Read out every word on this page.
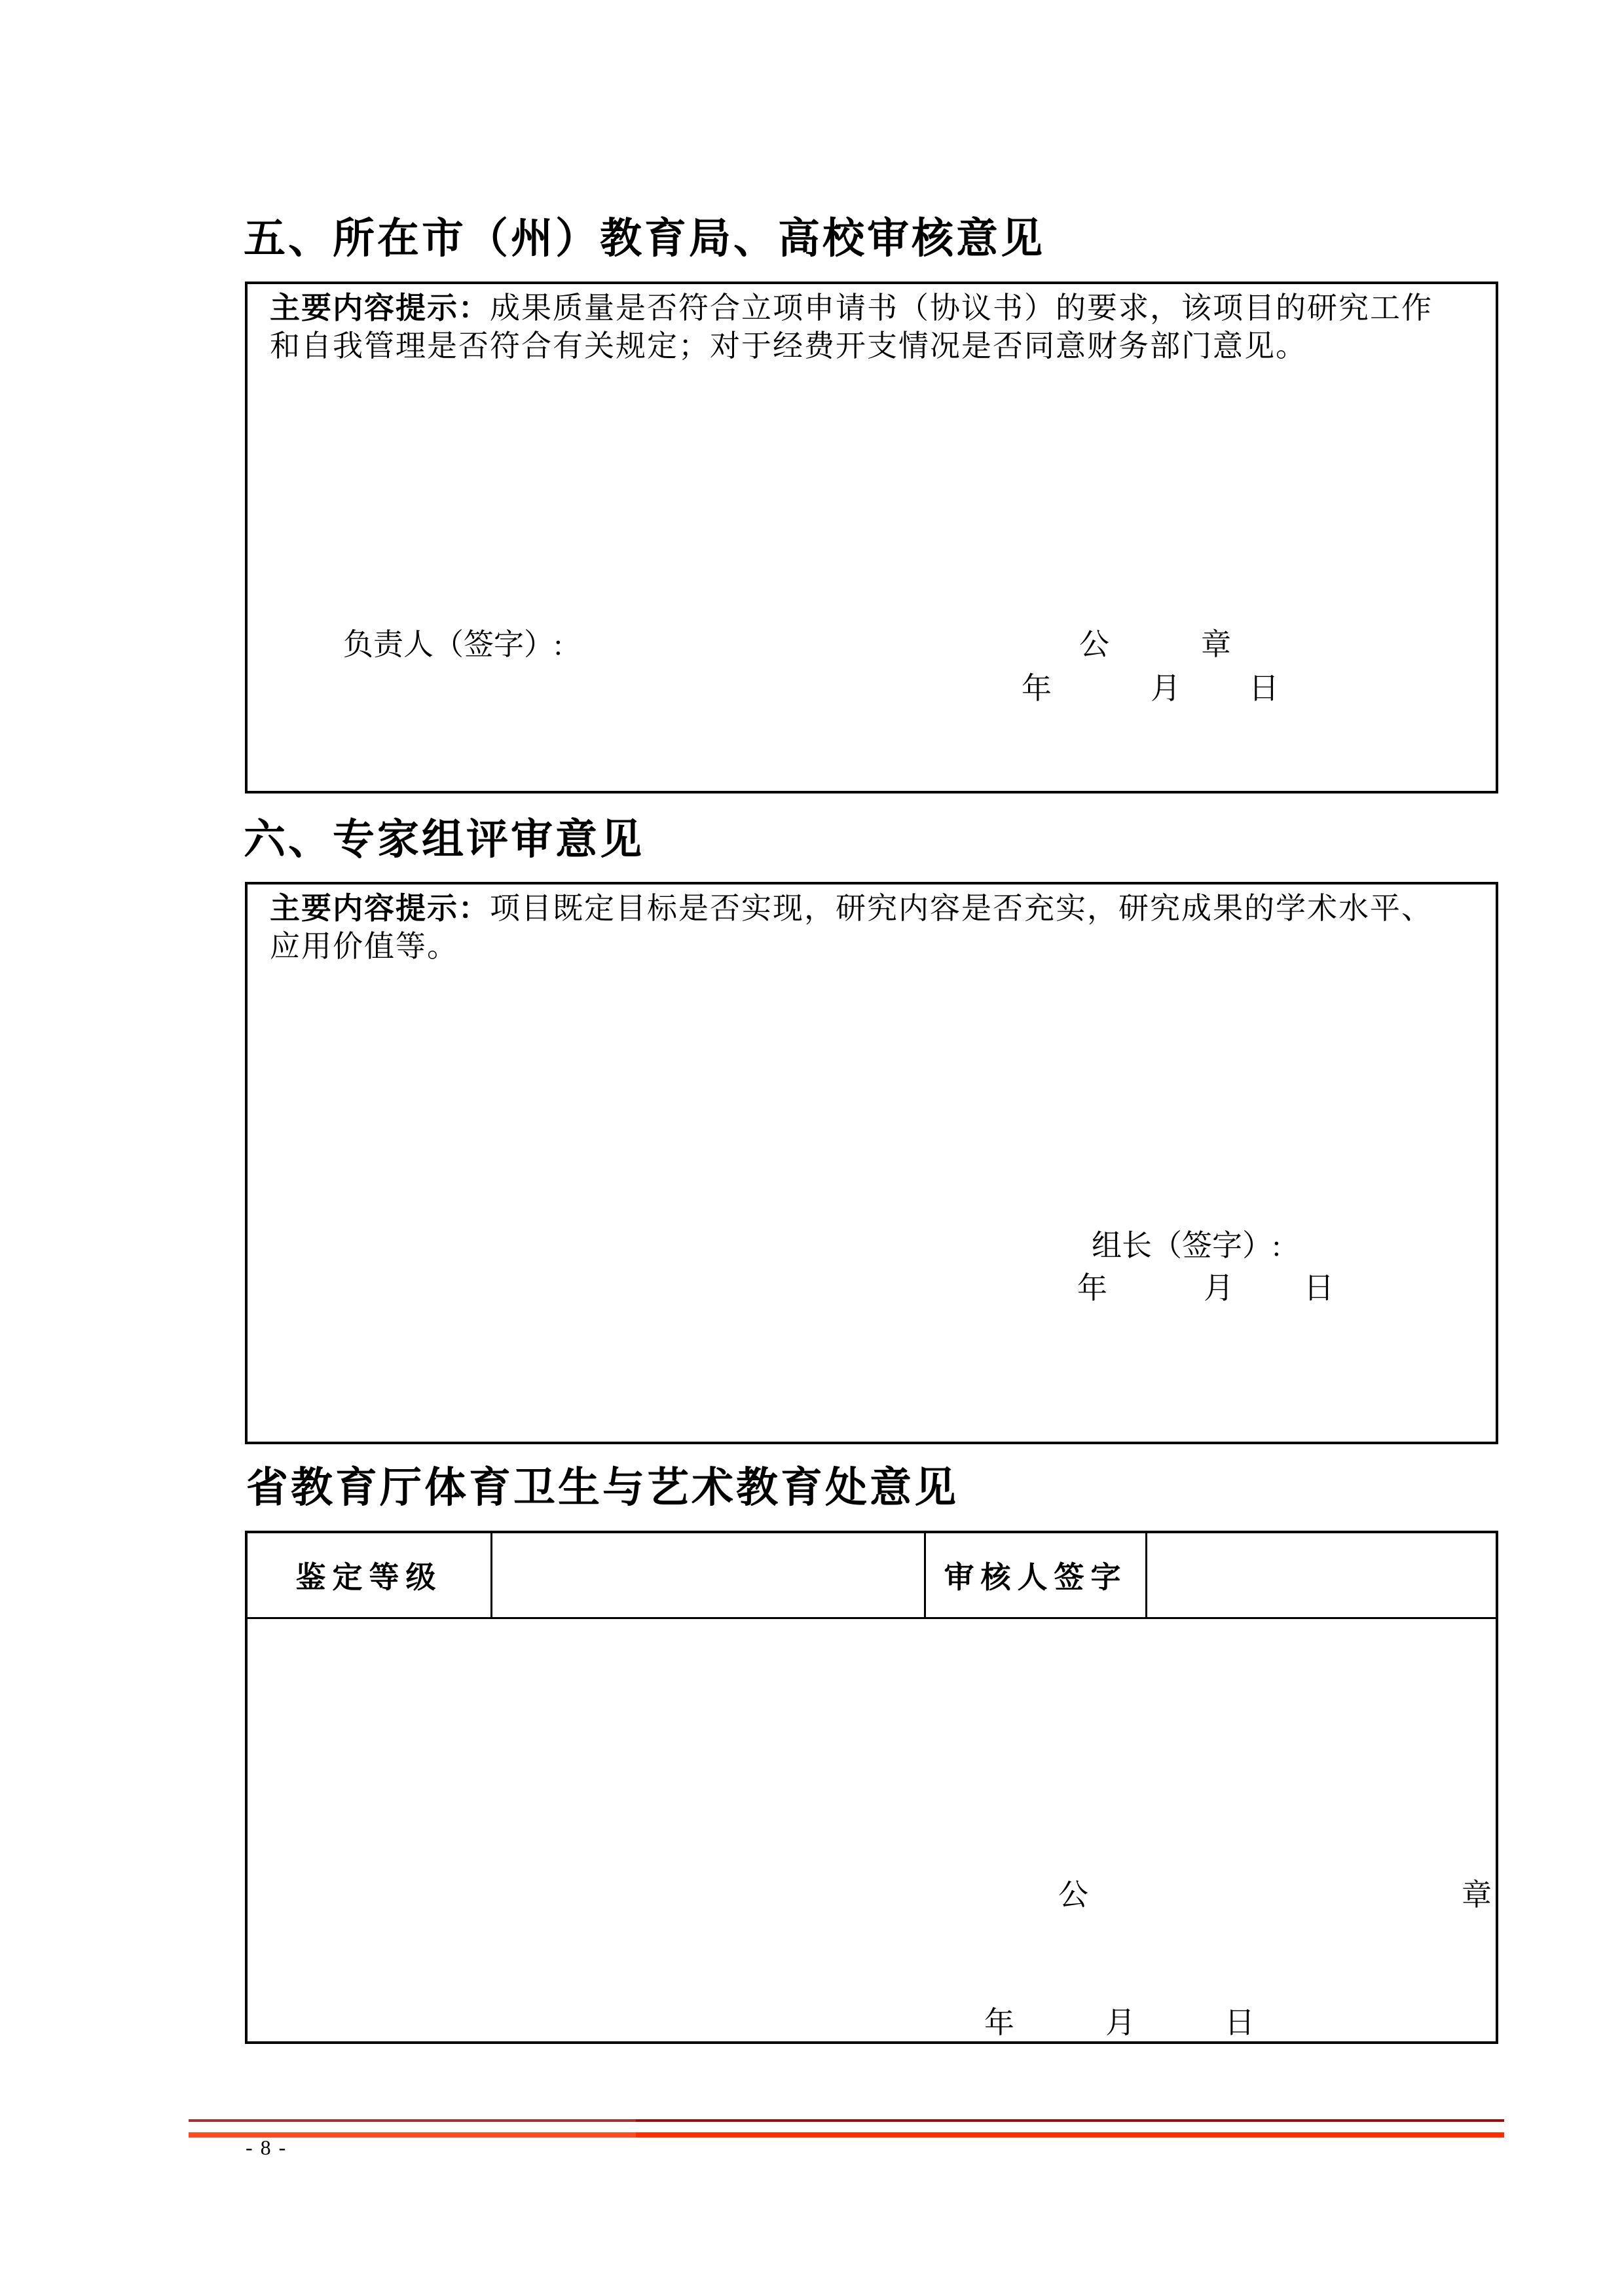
五、所在市（州）教育局、高校审核意见
主要内容提示：成果质量是否符合立项申请书（协议书）的要求，该项目的研究工作
和自我管理是否符合有关规定；对于经费开支情况是否同意财务部门意见。
负责人（签字）:	公	章
年	月 日
六、专家组评审意见
主要内容提示：项目既定目标是否实现，研究内容是否充实，研究成果的学术水平、
应用价值等。
组长（签字）:
年	月 日
省教育厅体育卫生与艺术教育处意见
鉴定等级	审核人签字
公	章
年	月	日
- 8 -
